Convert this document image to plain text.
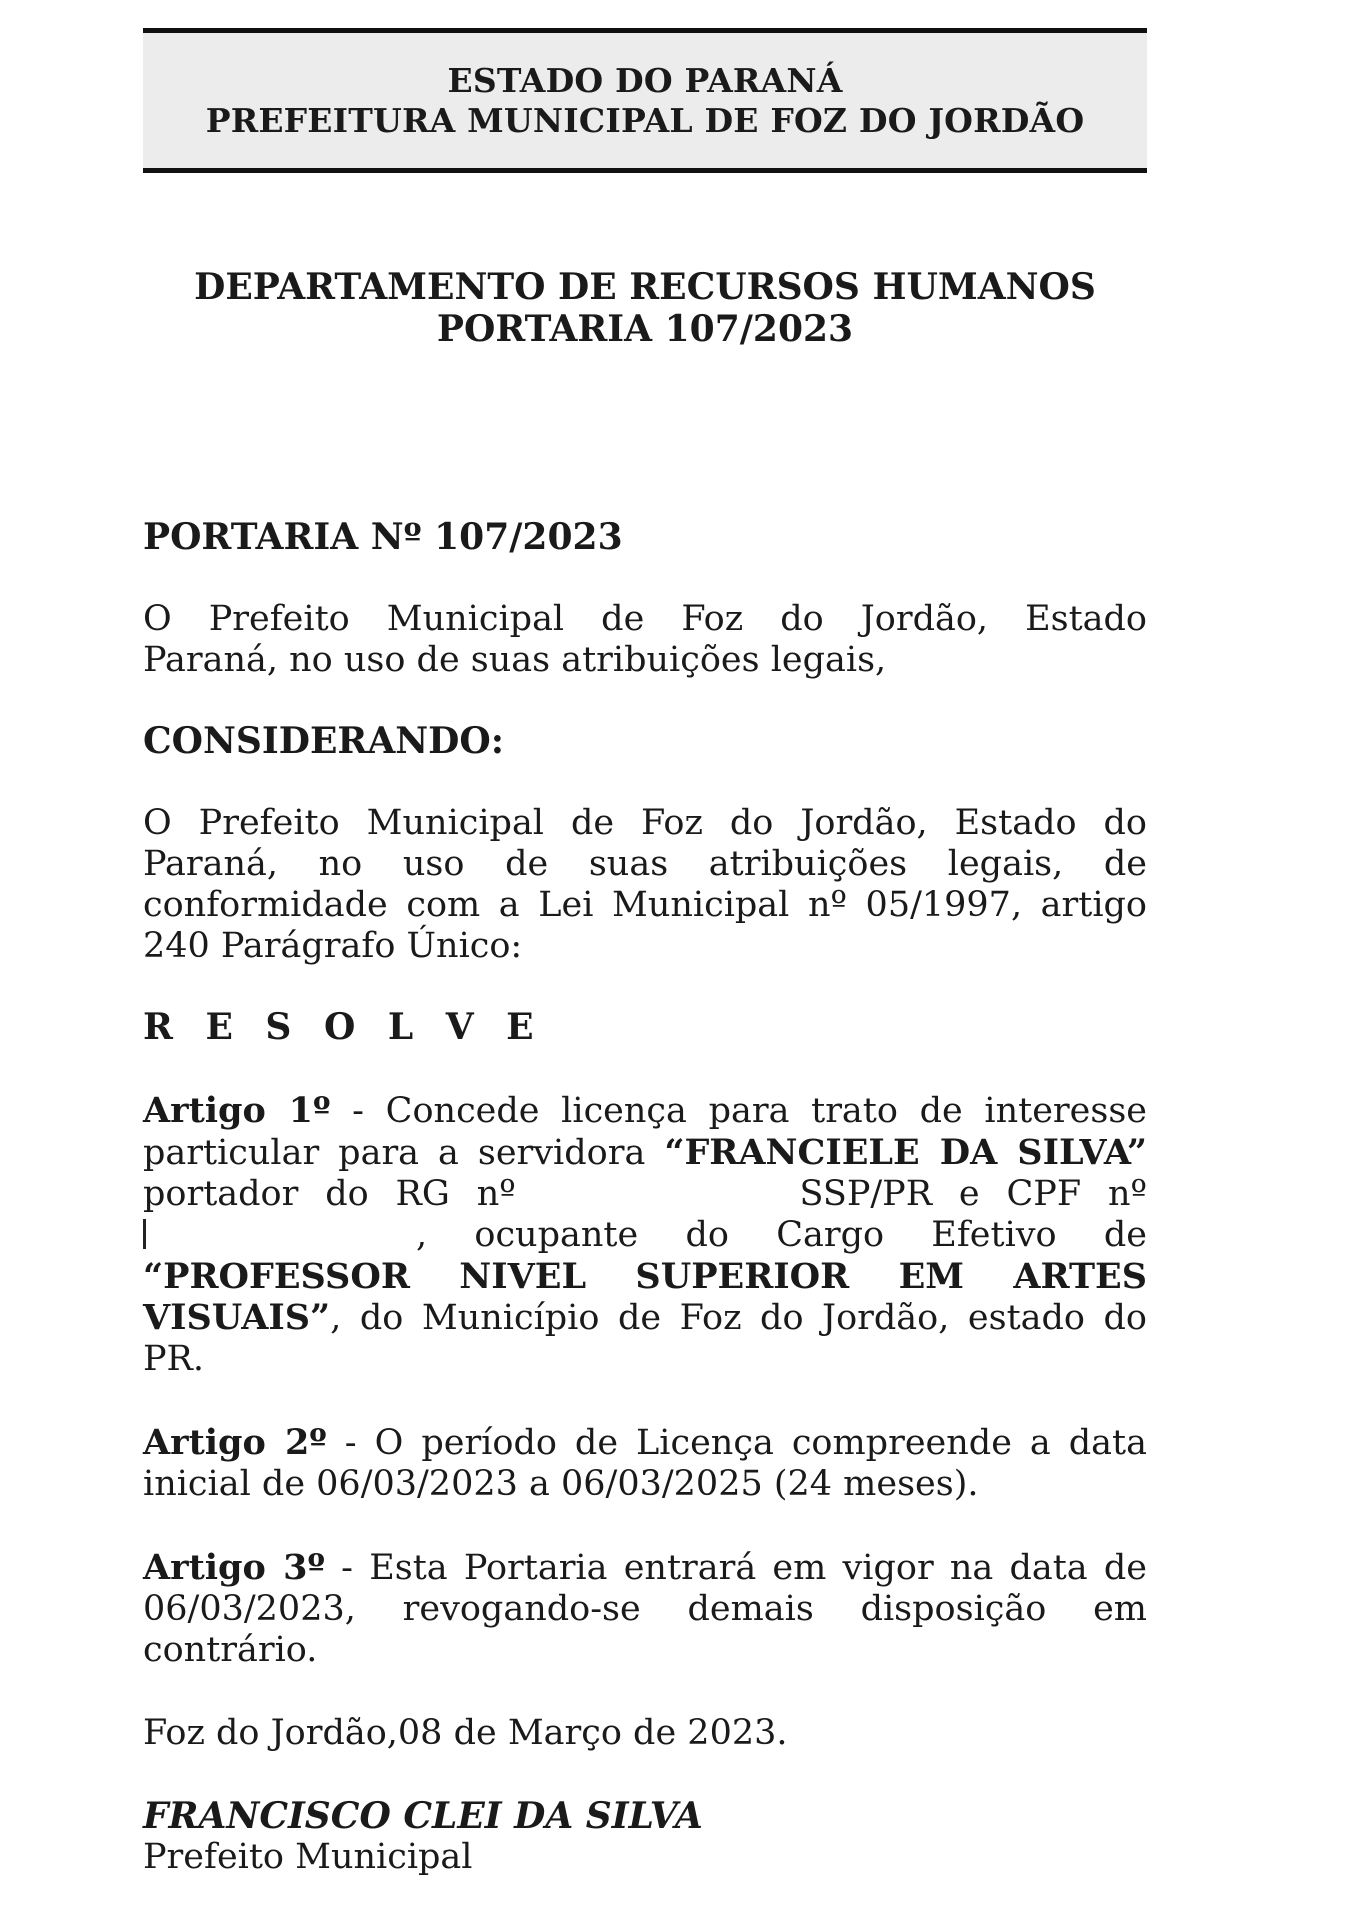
ESTADO DO PARANÁ
PREFEITURA MUNICIPAL DE FOZ DO JORDÃO
DEPARTAMENTO DE RECURSOS HUMANOS
PORTARIA 107/2023
PORTARIA Nº 107/2023
O Prefeito Municipal de Foz do Jordão, Estado
Paraná, no uso de suas atribuições legais,
CONSIDERANDO:
O Prefeito Municipal de Foz do Jordão, Estado do
Paraná, no uso de suas atribuições legais, de
conformidade com a Lei Municipal nº 05/1997, artigo
240 Parágrafo Único:
R E S O L V E
Artigo 1º - Concede licença para trato de interesse
particular para a servidora “FRANCIELE DA SILVA”
portador do RG nº	SSP/PR e CPF nº
, ocupante do Cargo Efetivo de
“PROFESSOR NIVEL SUPERIOR EM ARTES
VISUAIS”, do Município de Foz do Jordão, estado do
PR.
Artigo 2º - O período de Licença compreende a data
inicial de 06/03/2023 a 06/03/2025 (24 meses).
Artigo 3º - Esta Portaria entrará em vigor na data de
06/03/2023, revogando-se demais disposição em
contrário.
Foz do Jordão,08 de Março de 2023.
FRANCISCO CLEI DA SILVA
Prefeito Municipal
